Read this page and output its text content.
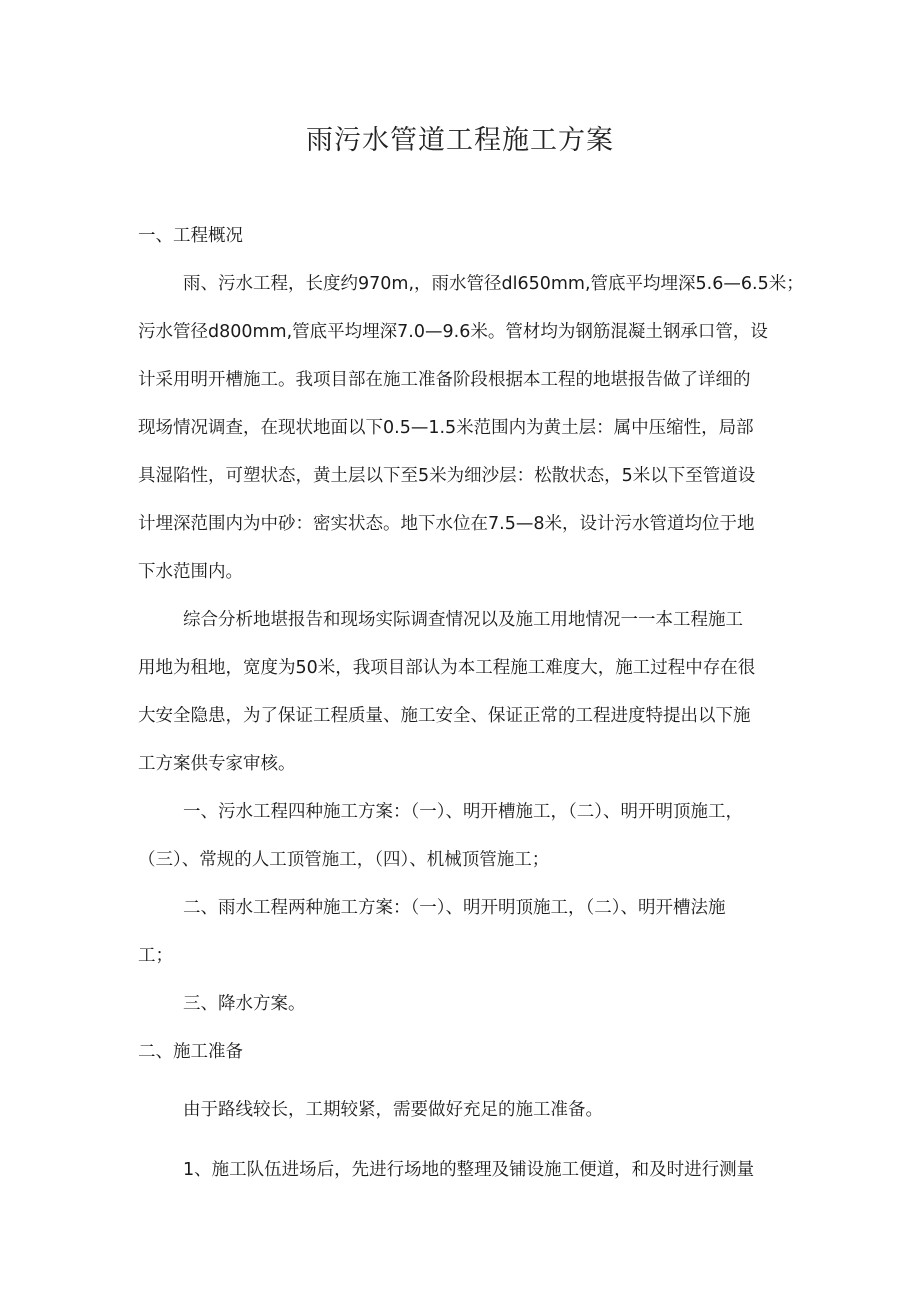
雨污水管道工程施工方案
一、工程概况
雨、污水工程，长度约970m,，雨水管径dl650mm,管底平均埋深5.6—6.5米；
污水管径d800mm,管底平均埋深7.0—9.6米。管材均为钢筋混凝土钢承口管，设
计采用明开槽施工。我项目部在施工准备阶段根据本工程的地堪报告做了详细的
现场情况调查，在现状地面以下0.5—1.5米范围内为黄土层：属中压缩性，局部
具湿陷性，可塑状态，黄土层以下至5米为细沙层：松散状态，5米以下至管道设
计埋深范围内为中砂：密实状态。地下水位在7.5—8米，设计污水管道均位于地
下水范围内。
综合分析地堪报告和现场实际调查情况以及施工用地情况一一本工程施工
用地为租地，宽度为50米，我项目部认为本工程施工难度大，施工过程中存在很
大安全隐患，为了保证工程质量、施工安全、保证正常的工程进度特提出以下施
工方案供专家审核。
一、污水工程四种施工方案：（一）、明开槽施工，（二）、明开明顶施工，
（三）、常规的人工顶管施工，（四）、机械顶管施工；
二、雨水工程两种施工方案：（一）、明开明顶施工，（二）、明开槽法施
工；
三、降水方案。
二、施工准备
由于路线较长，工期较紧，需要做好充足的施工准备。
1、施工队伍进场后，先进行场地的整理及铺设施工便道，和及时进行测量
